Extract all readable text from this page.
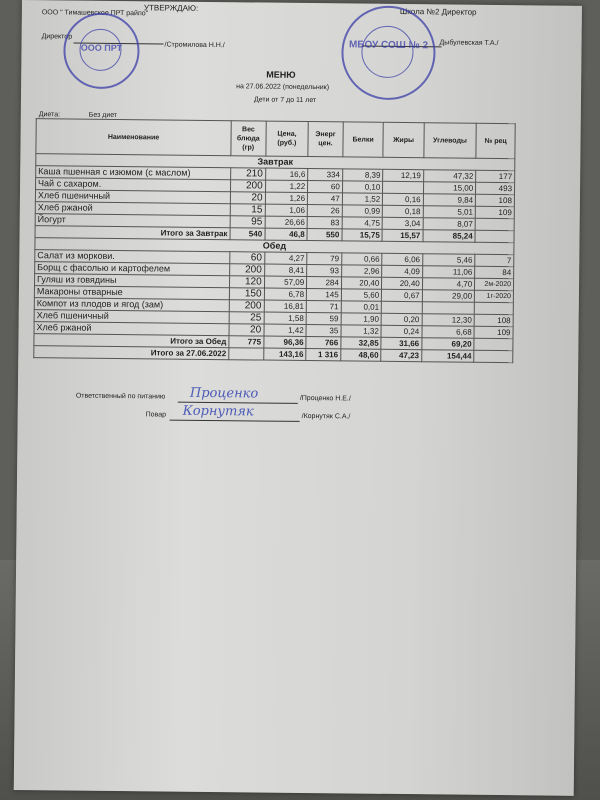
УТВЕРЖДАЮ:
ООО " Тимашевское ПРТ райпо"
Директор
/Стромилова Н.Н./
Школа №2 Директор
Дыбулевская Т.А./
ООО ПРТ	МБОУ СОШ № 2
МЕНЮ
на 27.06.2022 (понедельник)
Дети от 7 до 11 лет
Диета:	Без диет
Наименование	Вес блюда (гр)	Цена, (руб.)	Энерг цен.	Белки	Жиры	Углеводы	№ рец
Завтрак							
Каша пшенная с изюмом (с маслом)	210	16,6	334	8,39	12,19	47,32	177
Чай с сахаром.	200	1,22	60	0,10		15,00	493
Хлеб пшеничный	20	1,26	47	1,52	0,16	9,84	108
Хлеб ржаной	15	1,06	26	0,99	0,18	5,01	109
Йогурт	95	26,66	83	4,75	3,04	8,07	
Итого за Завтрак	540	46,8	550	15,75	15,57	85,24	
Обед							
Салат из моркови.	60	4,27	79	0,66	6,06	5,46	7
Борщ с фасолью и картофелем	200	8,41	93	2,96	4,09	11,06	84
Гуляш из говядины	120	57,09	284	20,40	20,40	4,70	2м-2020
Макароны отварные	150	6,78	145	5,60	0,67	29,00	1г-2020
Компот из плодов и ягод (зам)	200	16,81	71	0,01			
Хлеб пшеничный	25	1,58	59	1,90	0,20	12,30	108
Хлеб ржаной	20	1,42	35	1,32	0,24	6,68	109
Итого за Обед	775	96,36	766	32,85	31,66	69,20	
Итого за 27.06.2022		143,16	1 316	48,60	47,23	154,44	
Ответственный по питанию Проценко	/Проценко Н.Е./
Повар Корнутяк	/Корнутяк С.А./
